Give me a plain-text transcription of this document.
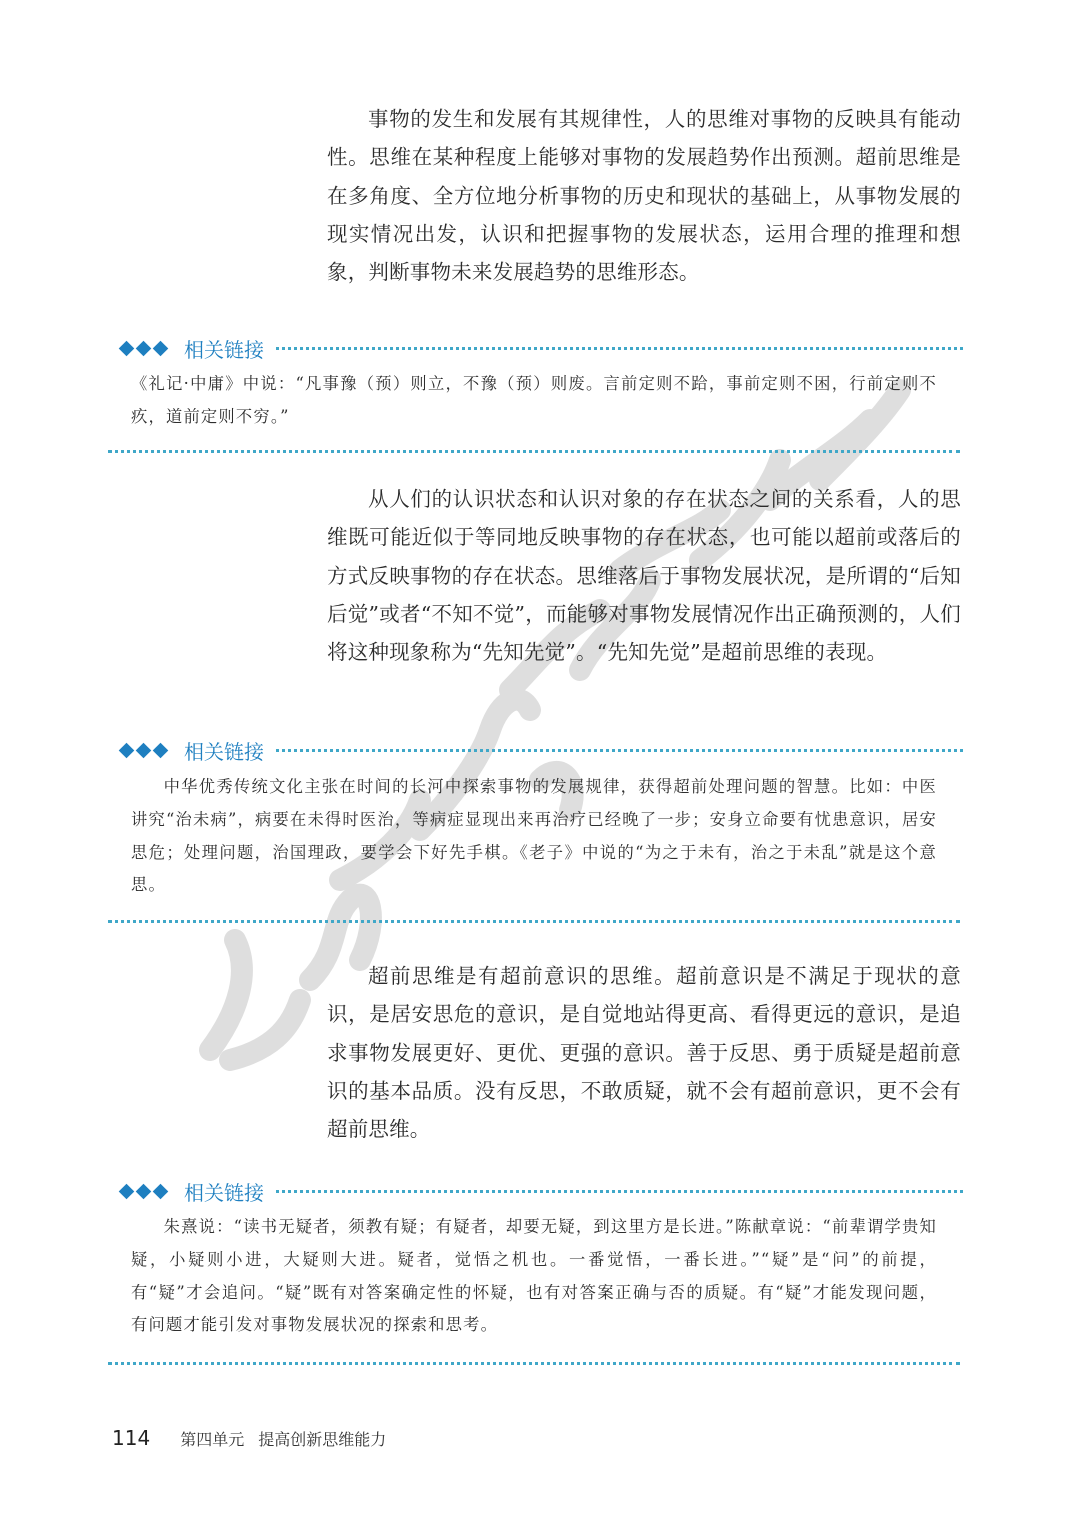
事物的发生和发展有其规律性，人的思维对事物的反映具有能动性。思维在某种程度上能够对事物的发展趋势作出预测。超前思维是在多角度、全方位地分析事物的历史和现状的基础上，从事物发展的现实情况出发，认识和把握事物的发展状态，运用合理的推理和想象，判断事物未来发展趋势的思维形态。

相关链接

《礼记·中庸》中说：“凡事豫（预）则立，不豫（预）则废。言前定则不跲，事前定则不困，行前定则不疚，道前定则不穷。”

从人们的认识状态和认识对象的存在状态之间的关系看，人的思维既可能近似于等同地反映事物的存在状态，也可能以超前或落后的方式反映事物的存在状态。思维落后于事物发展状况，是所谓的“后知后觉”或者“不知不觉”，而能够对事物发展情况作出正确预测的，人们将这种现象称为“先知先觉”。“先知先觉”是超前思维的表现。

相关链接

中华优秀传统文化主张在时间的长河中探索事物的发展规律，获得超前处理问题的智慧。比如：中医讲究“治未病”，病要在未得时医治，等病症显现出来再治疗已经晚了一步；安身立命要有忧患意识，居安思危；处理问题，治国理政，要学会下好先手棋。《老子》中说的“为之于未有，治之于未乱”就是这个意思。

超前思维是有超前意识的思维。超前意识是不满足于现状的意识，是居安思危的意识，是自觉地站得更高、看得更远的意识，是追求事物发展更好、更优、更强的意识。善于反思、勇于质疑是超前意识的基本品质。没有反思，不敢质疑，就不会有超前意识，更不会有超前思维。

相关链接

朱熹说：“读书无疑者，须教有疑；有疑者，却要无疑，到这里方是长进。”陈献章说：“前辈谓学贵知疑，小疑则小进，大疑则大进。疑者，觉悟之机也。一番觉悟，一番长进。”“疑”是“问”的前提，有“疑”才会追问。“疑”既有对答案确定性的怀疑，也有对答案正确与否的质疑。有“疑”才能发现问题，有问题才能引发对事物发展状况的探索和思考。

114 第四单元 提高创新思维能力
